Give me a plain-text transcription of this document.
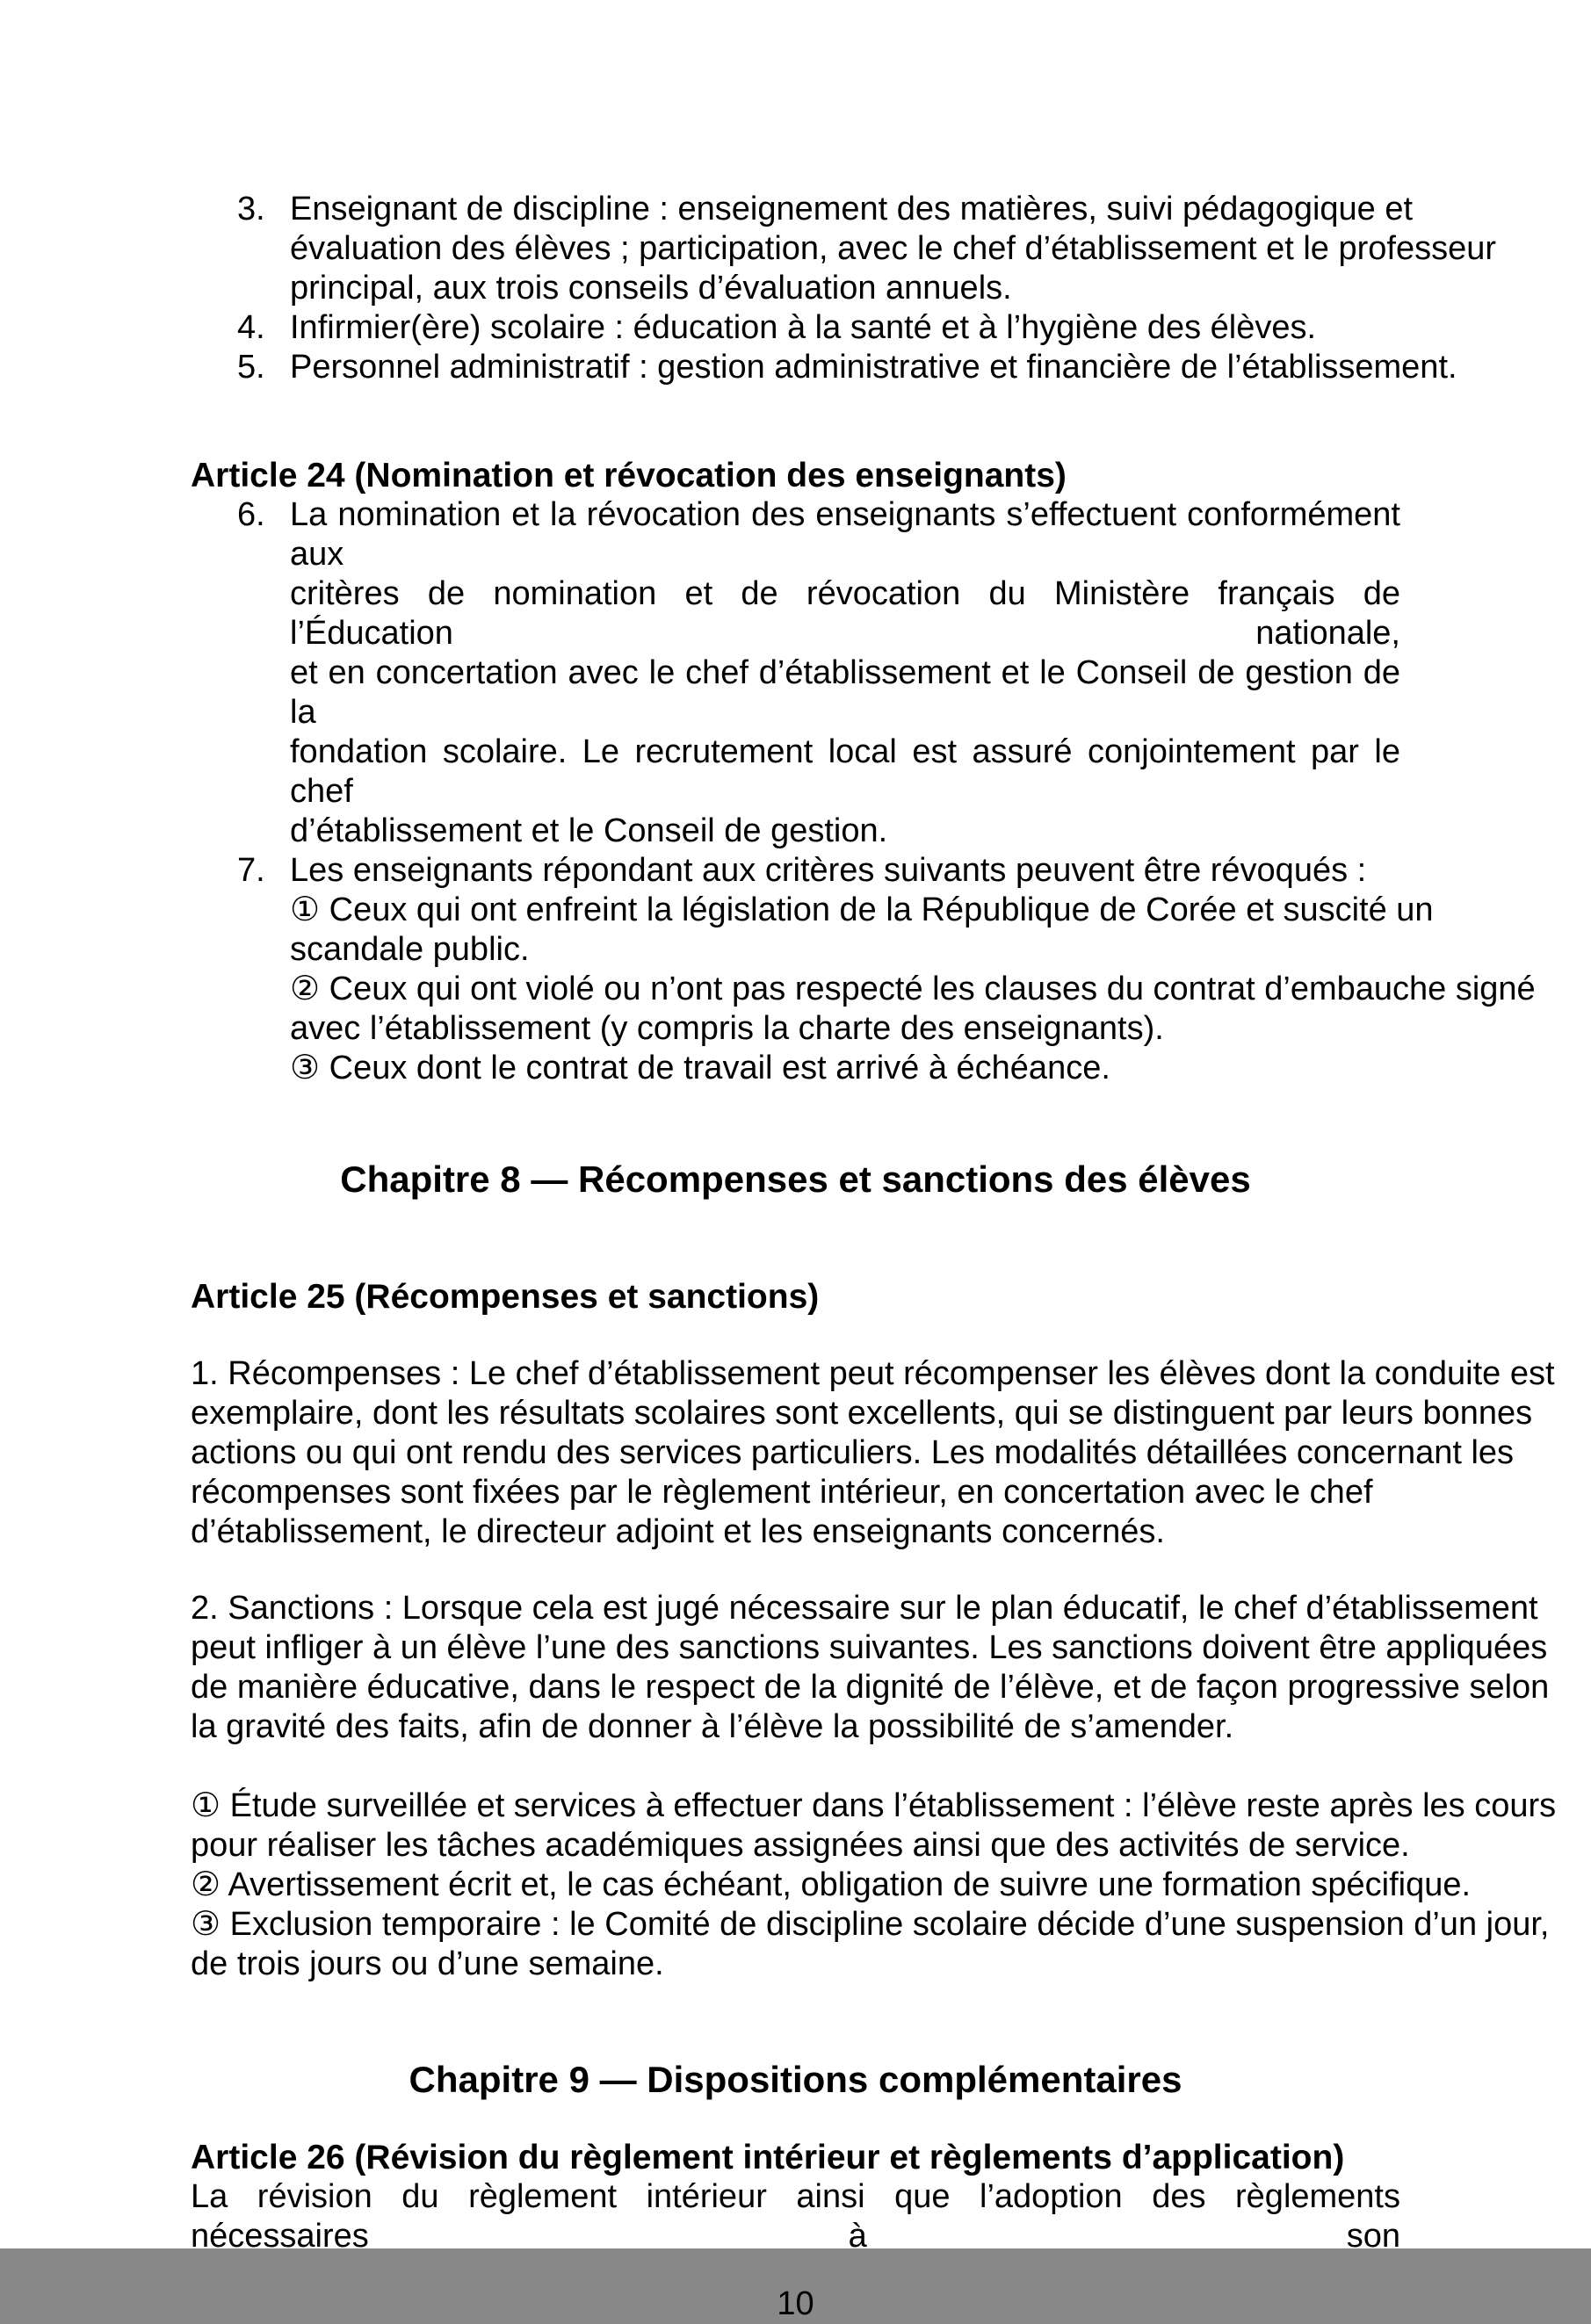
3. Enseignant de discipline : enseignement des matières, suivi pédagogique et
évaluation des élèves ; participation, avec le chef d’établissement et le professeur
principal, aux trois conseils d’évaluation annuels.
4. Infirmier(ère) scolaire : éducation à la santé et à l’hygiène des élèves.
5. Personnel administratif : gestion administrative et financière de l’établissement.
Article 24 (Nomination et révocation des enseignants)
6. La nomination et la révocation des enseignants s’effectuent conformément aux
critères de nomination et de révocation du Ministère français de l’Éducation nationale,
et en concertation avec le chef d’établissement et le Conseil de gestion de la
fondation scolaire. Le recrutement local est assuré conjointement par le chef
d’établissement et le Conseil de gestion.
7. Les enseignants répondant aux critères suivants peuvent être révoqués :
① Ceux qui ont enfreint la législation de la République de Corée et suscité un
scandale public.
② Ceux qui ont violé ou n’ont pas respecté les clauses du contrat d’embauche signé
avec l’établissement (y compris la charte des enseignants).
③ Ceux dont le contrat de travail est arrivé à échéance.
Chapitre 8 — Récompenses et sanctions des élèves
Article 25 (Récompenses et sanctions)
1. Récompenses : Le chef d’établissement peut récompenser les élèves dont la conduite est
exemplaire, dont les résultats scolaires sont excellents, qui se distinguent par leurs bonnes
actions ou qui ont rendu des services particuliers. Les modalités détaillées concernant les
récompenses sont fixées par le règlement intérieur, en concertation avec le chef
d’établissement, le directeur adjoint et les enseignants concernés.
2. Sanctions : Lorsque cela est jugé nécessaire sur le plan éducatif, le chef d’établissement
peut infliger à un élève l’une des sanctions suivantes. Les sanctions doivent être appliquées
de manière éducative, dans le respect de la dignité de l’élève, et de façon progressive selon
la gravité des faits, afin de donner à l’élève la possibilité de s’amender.
① Étude surveillée et services à effectuer dans l’établissement : l’élève reste après les cours
pour réaliser les tâches académiques assignées ainsi que des activités de service.
② Avertissement écrit et, le cas échéant, obligation de suivre une formation spécifique.
③ Exclusion temporaire : le Comité de discipline scolaire décide d’une suspension d’un jour,
de trois jours ou d’une semaine.
Chapitre 9 — Dispositions complémentaires
Article 26 (Révision du règlement intérieur et règlements d’application)
La révision du règlement intérieur ainsi que l’adoption des règlements nécessaires à son
10
